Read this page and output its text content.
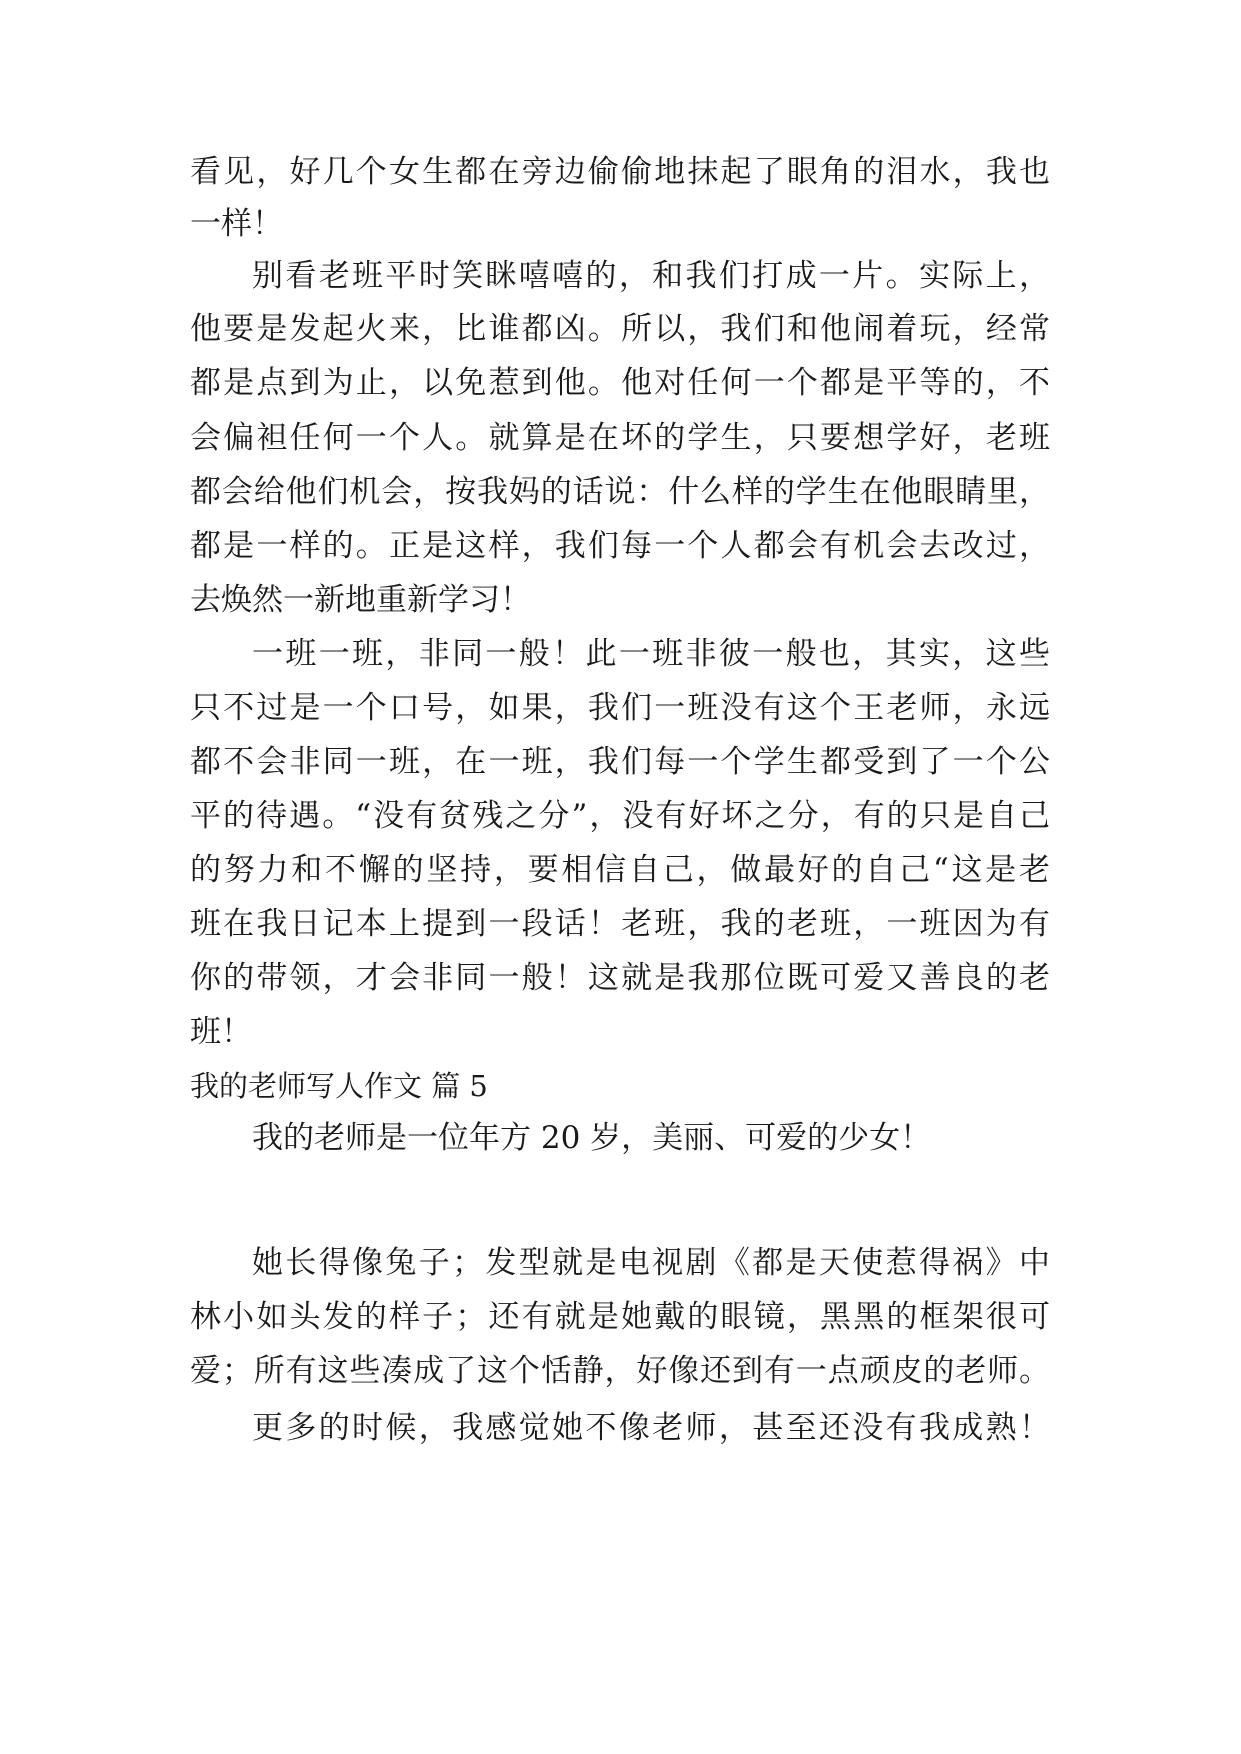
看见，好几个女生都在旁边偷偷地抹起了眼角的泪水，我也
一样！
别看老班平时笑眯嘻嘻的，和我们打成一片。实际上，
他要是发起火来，比谁都凶。所以，我们和他闹着玩，经常
都是点到为止，以免惹到他。他对任何一个都是平等的，不
会偏袒任何一个人。就算是在坏的学生，只要想学好，老班
都会给他们机会，按我妈的话说：什么样的学生在他眼睛里，
都是一样的。正是这样，我们每一个人都会有机会去改过，
去焕然一新地重新学习！
一班一班，非同一般！此一班非彼一般也，其实，这些
只不过是一个口号，如果，我们一班没有这个王老师，永远
都不会非同一班，在一班，我们每一个学生都受到了一个公
平的待遇。“没有贫残之分”，没有好坏之分，有的只是自己
的努力和不懈的坚持，要相信自己，做最好的自己“这是老
班在我日记本上提到一段话！老班，我的老班，一班因为有
你的带领，才会非同一般！这就是我那位既可爱又善良的老
班！
我的老师写人作文 篇 5
我的老师是一位年方 20 岁，美丽、可爱的少女！
她长得像兔子；发型就是电视剧《都是天使惹得祸》中
林小如头发的样子；还有就是她戴的眼镜，黑黑的框架很可
爱；所有这些凑成了这个恬静，好像还到有一点顽皮的老师。
更多的时候，我感觉她不像老师，甚至还没有我成熟！
